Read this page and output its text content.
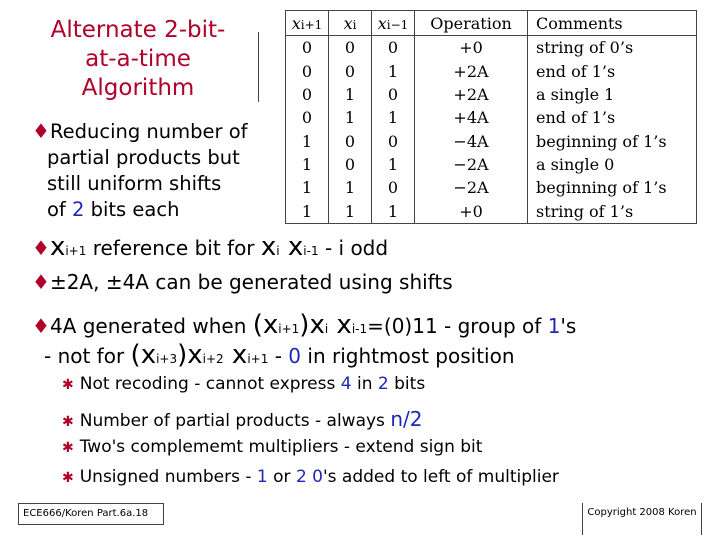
Alternate 2-bit-
at-a-time
Algorithm
♦Reducing number of
partial products but
still uniform shifts
of 2 bits each
xi+1	xi	xi−1	Operation	Comments
0	0	0	+0	string of 0’s
0	0	1	+2A	end of 1’s
0	1	0	+2A	a single 1
0	1	1	+4A	end of 1’s
1	0	0	−4A	beginning of 1’s
1	0	1	−2A	a single 0
1	1	0	−2A	beginning of 1’s
1	1	1	+0	string of 1’s
♦xi+1 reference bit for xi xi-1 - i odd
♦±2A, ±4A can be generated using shifts
♦4A generated when (xi+1)xi xi-1=(0)11 - group of 1's
- not for (xi+3)xi+2 xi+1 - 0 in rightmost position
✱ Not recoding - cannot express 4 in 2 bits
✱ Number of partial products - always n/2
✱ Two's complememt multipliers - extend sign bit
✱ Unsigned numbers - 1 or 2 0's added to left of multiplier
ECE666/Koren Part.6a.18	Copyright 2008 Koren
